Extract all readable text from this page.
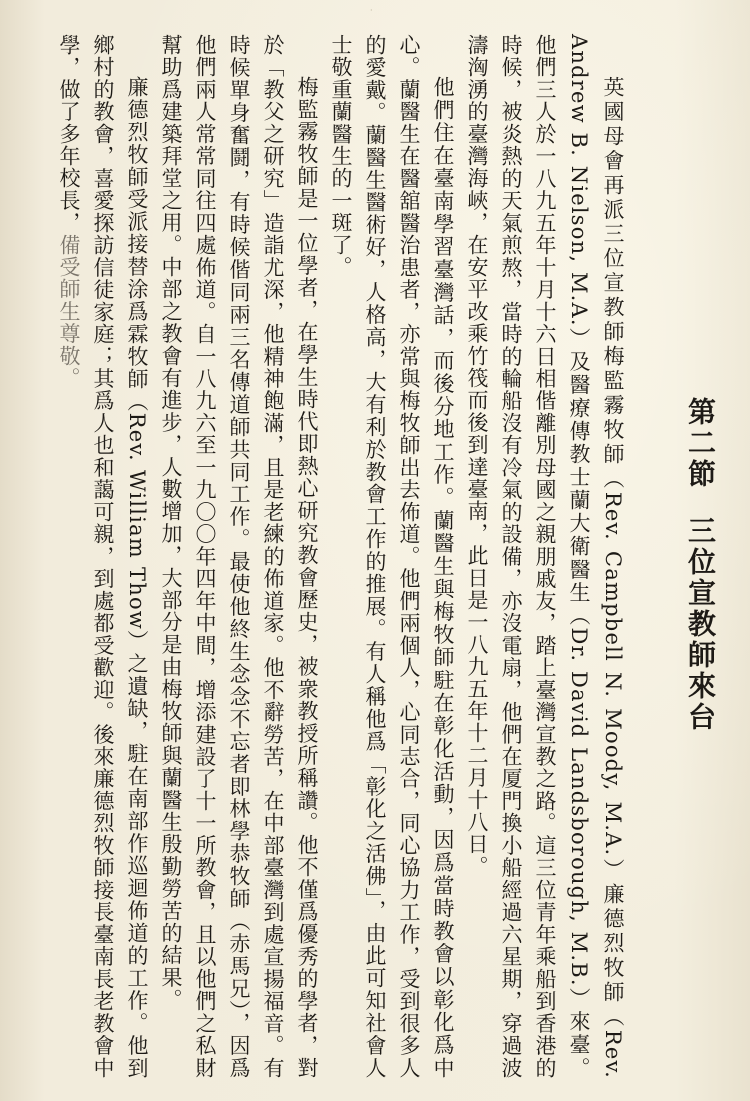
·
第二節三位宣教師來台

英國母會再派三位宣教師梅監霧牧師（Rev. Campbell N. Moody, M.A.）廉德烈牧師（Rev. Andrew B. Nielson, M.A.）及醫療傳教士蘭大衛醫生（Dr. David Landsborough, M.B.）來臺。他們三人於一八九五年十月十六日相偕離別母國之親朋戚友，踏上臺灣宣教之路。這三位青年乘船到香港的時候，被炎熱的天氣煎熬，當時的輪船沒有冷氣的設備，亦沒電扇，他們在厦門換小船經過六星期，穿過波濤洶湧的臺灣海峽，在安平改乘竹筏而後到達臺南，此日是一八九五年十二月十八日。

他們住在臺南學習臺灣話，而後分地工作。蘭醫生與梅牧師駐在彰化活動，因爲當時教會以彰化爲中心。蘭醫生在醫舘醫治患者，亦常與梅牧師出去佈道。他們兩個人，心同志合，同心協力工作，受到很多人的愛戴。蘭醫生醫術好，人格高，大有利於教會工作的推展。有人稱他爲「彰化之活佛」，由此可知社會人士敬重蘭醫生的一斑了。

梅監霧牧師是一位學者，在學生時代即熱心研究教會歷史，被衆教授所稱讚。他不僅爲優秀的學者，對於「教父之研究」造詣尤深，他精神飽滿，且是老練的佈道家。他不辭勞苦，在中部臺灣到處宣揚福音。有時候單身奮鬪，有時候偕同兩三名傳道師共同工作。最使他終生念念不忘者即林學恭牧師（赤馬兄），因爲他們兩人常常同往四處佈道。自一八九六至一九〇〇年四年中間，增添建設了十一所教會，且以他們之私財幫助爲建築拜堂之用。中部之教會有進步，人數增加，大部分是由梅牧師與蘭醫生殷勤勞苦的結果。

廉德烈牧師受派接替涂爲霖牧師（Rev. William Thow）之遺缺，駐在南部作巡迴佈道的工作。他到鄉村的教會，喜愛探訪信徒家庭；其爲人也和藹可親，到處都受歡迎。後來廉德烈牧師接長臺南長老教會中學，做了多年校長，備受師生尊敬。
